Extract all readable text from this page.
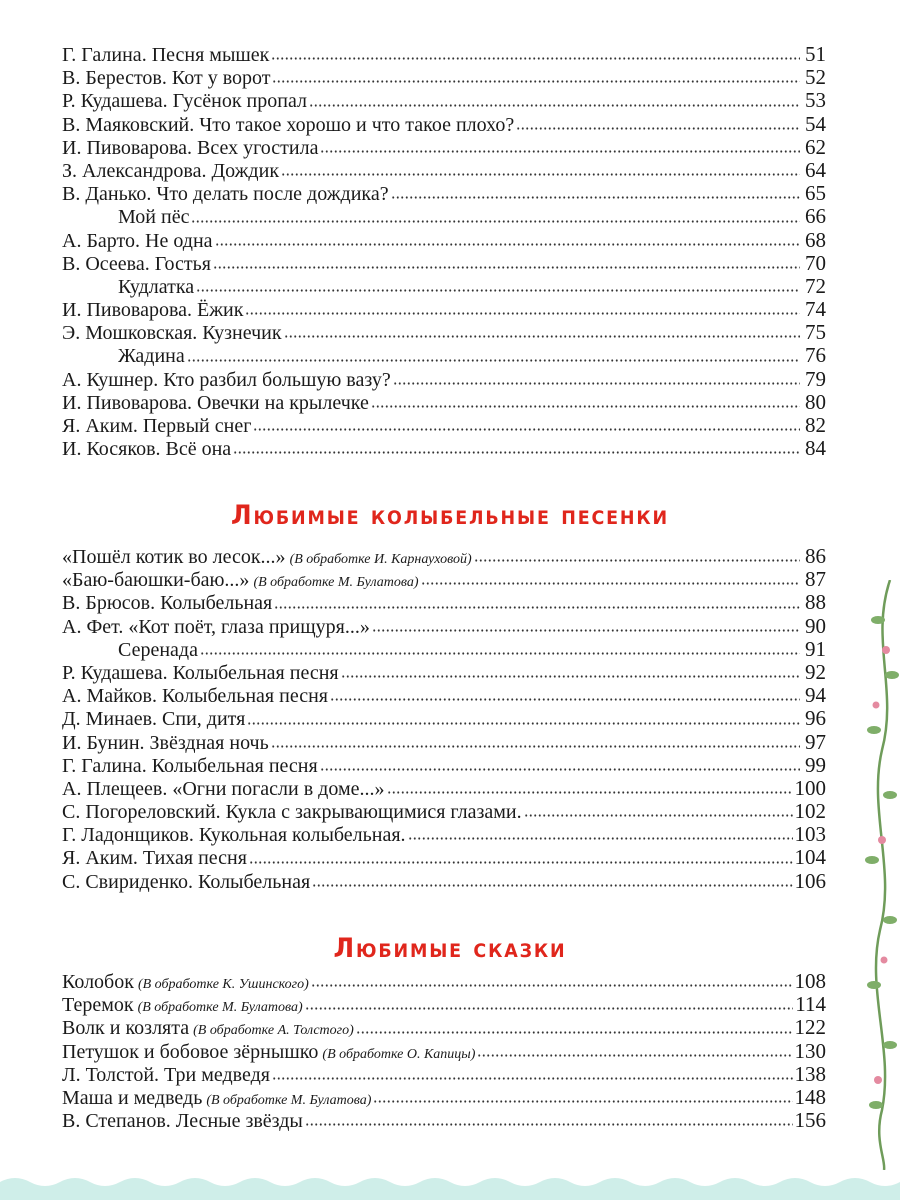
Г. Галина. Песня мышек	51
В. Берестов. Кот у ворот	52
Р. Кудашева. Гусёнок пропал	53
В. Маяковский. Что такое хорошо и что такое плохо?	54
И. Пивоварова. Всех угостила	62
З. Александрова. Дождик	64
В. Данько. Что делать после дождика?	65
Мой пёс	66
А. Барто. Не одна	68
В. Осеева. Гостья	70
Кудлатка	72
И. Пивоварова. Ёжик	74
Э. Мошковская. Кузнечик	75
Жадина	76
А. Кушнер. Кто разбил большую вазу?	79
И. Пивоварова. Овечки на крылечке	80
Я. Аким. Первый снег	82
И. Косяков. Всё она	84
Любимые колыбельные песенки
«Пошёл котик во лесок...» (В обработке И. Карнауховой)	86
«Баю-баюшки-баю...» (В обработке М. Булатова)	87
В. Брюсов. Колыбельная	88
А. Фет. «Кот поёт, глаза прищуря...»	90
Серенада	91
Р. Кудашева. Колыбельная песня	92
А. Майков. Колыбельная песня	94
Д. Минаев. Спи, дитя	96
И. Бунин. Звёздная ночь	97
Г. Галина. Колыбельная песня	99
А. Плещеев. «Огни погасли в доме...»	100
С. Погореловский. Кукла с закрывающимися глазами.	102
Г. Ладонщиков. Кукольная колыбельная.	103
Я. Аким. Тихая песня	104
С. Свириденко. Колыбельная	106
Любимые сказки
Колобок (В обработке К. Ушинского)	108
Теремок (В обработке М. Булатова)	114
Волк и козлята (В обработке А. Толстого)	122
Петушок и бобовое зёрнышко (В обработке О. Капицы)	130
Л. Толстой. Три медведя	138
Маша и медведь (В обработке М. Булатова)	148
В. Степанов. Лесные звёзды	156
